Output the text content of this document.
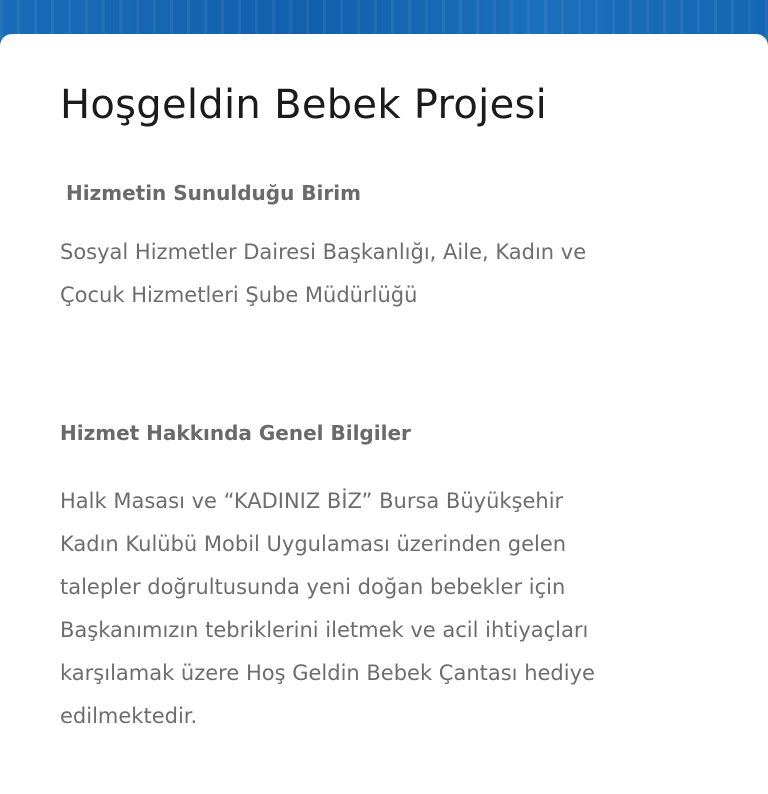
Hoşgeldin Bebek Projesi
Hizmetin Sunulduğu Birim

Sosyal Hizmetler Dairesi Başkanlığı, Aile, Kadın ve
Çocuk Hizmetleri Şube Müdürlüğü

Hizmet Hakkında Genel Bilgiler

Halk Masası ve “KADINIZ BİZ” Bursa Büyükşehir
Kadın Kulübü Mobil Uygulaması üzerinden gelen
talepler doğrultusunda yeni doğan bebekler için
Başkanımızın tebriklerini iletmek ve acil ihtiyaçları
karşılamak üzere Hoş Geldin Bebek Çantası hediye
edilmektedir.
